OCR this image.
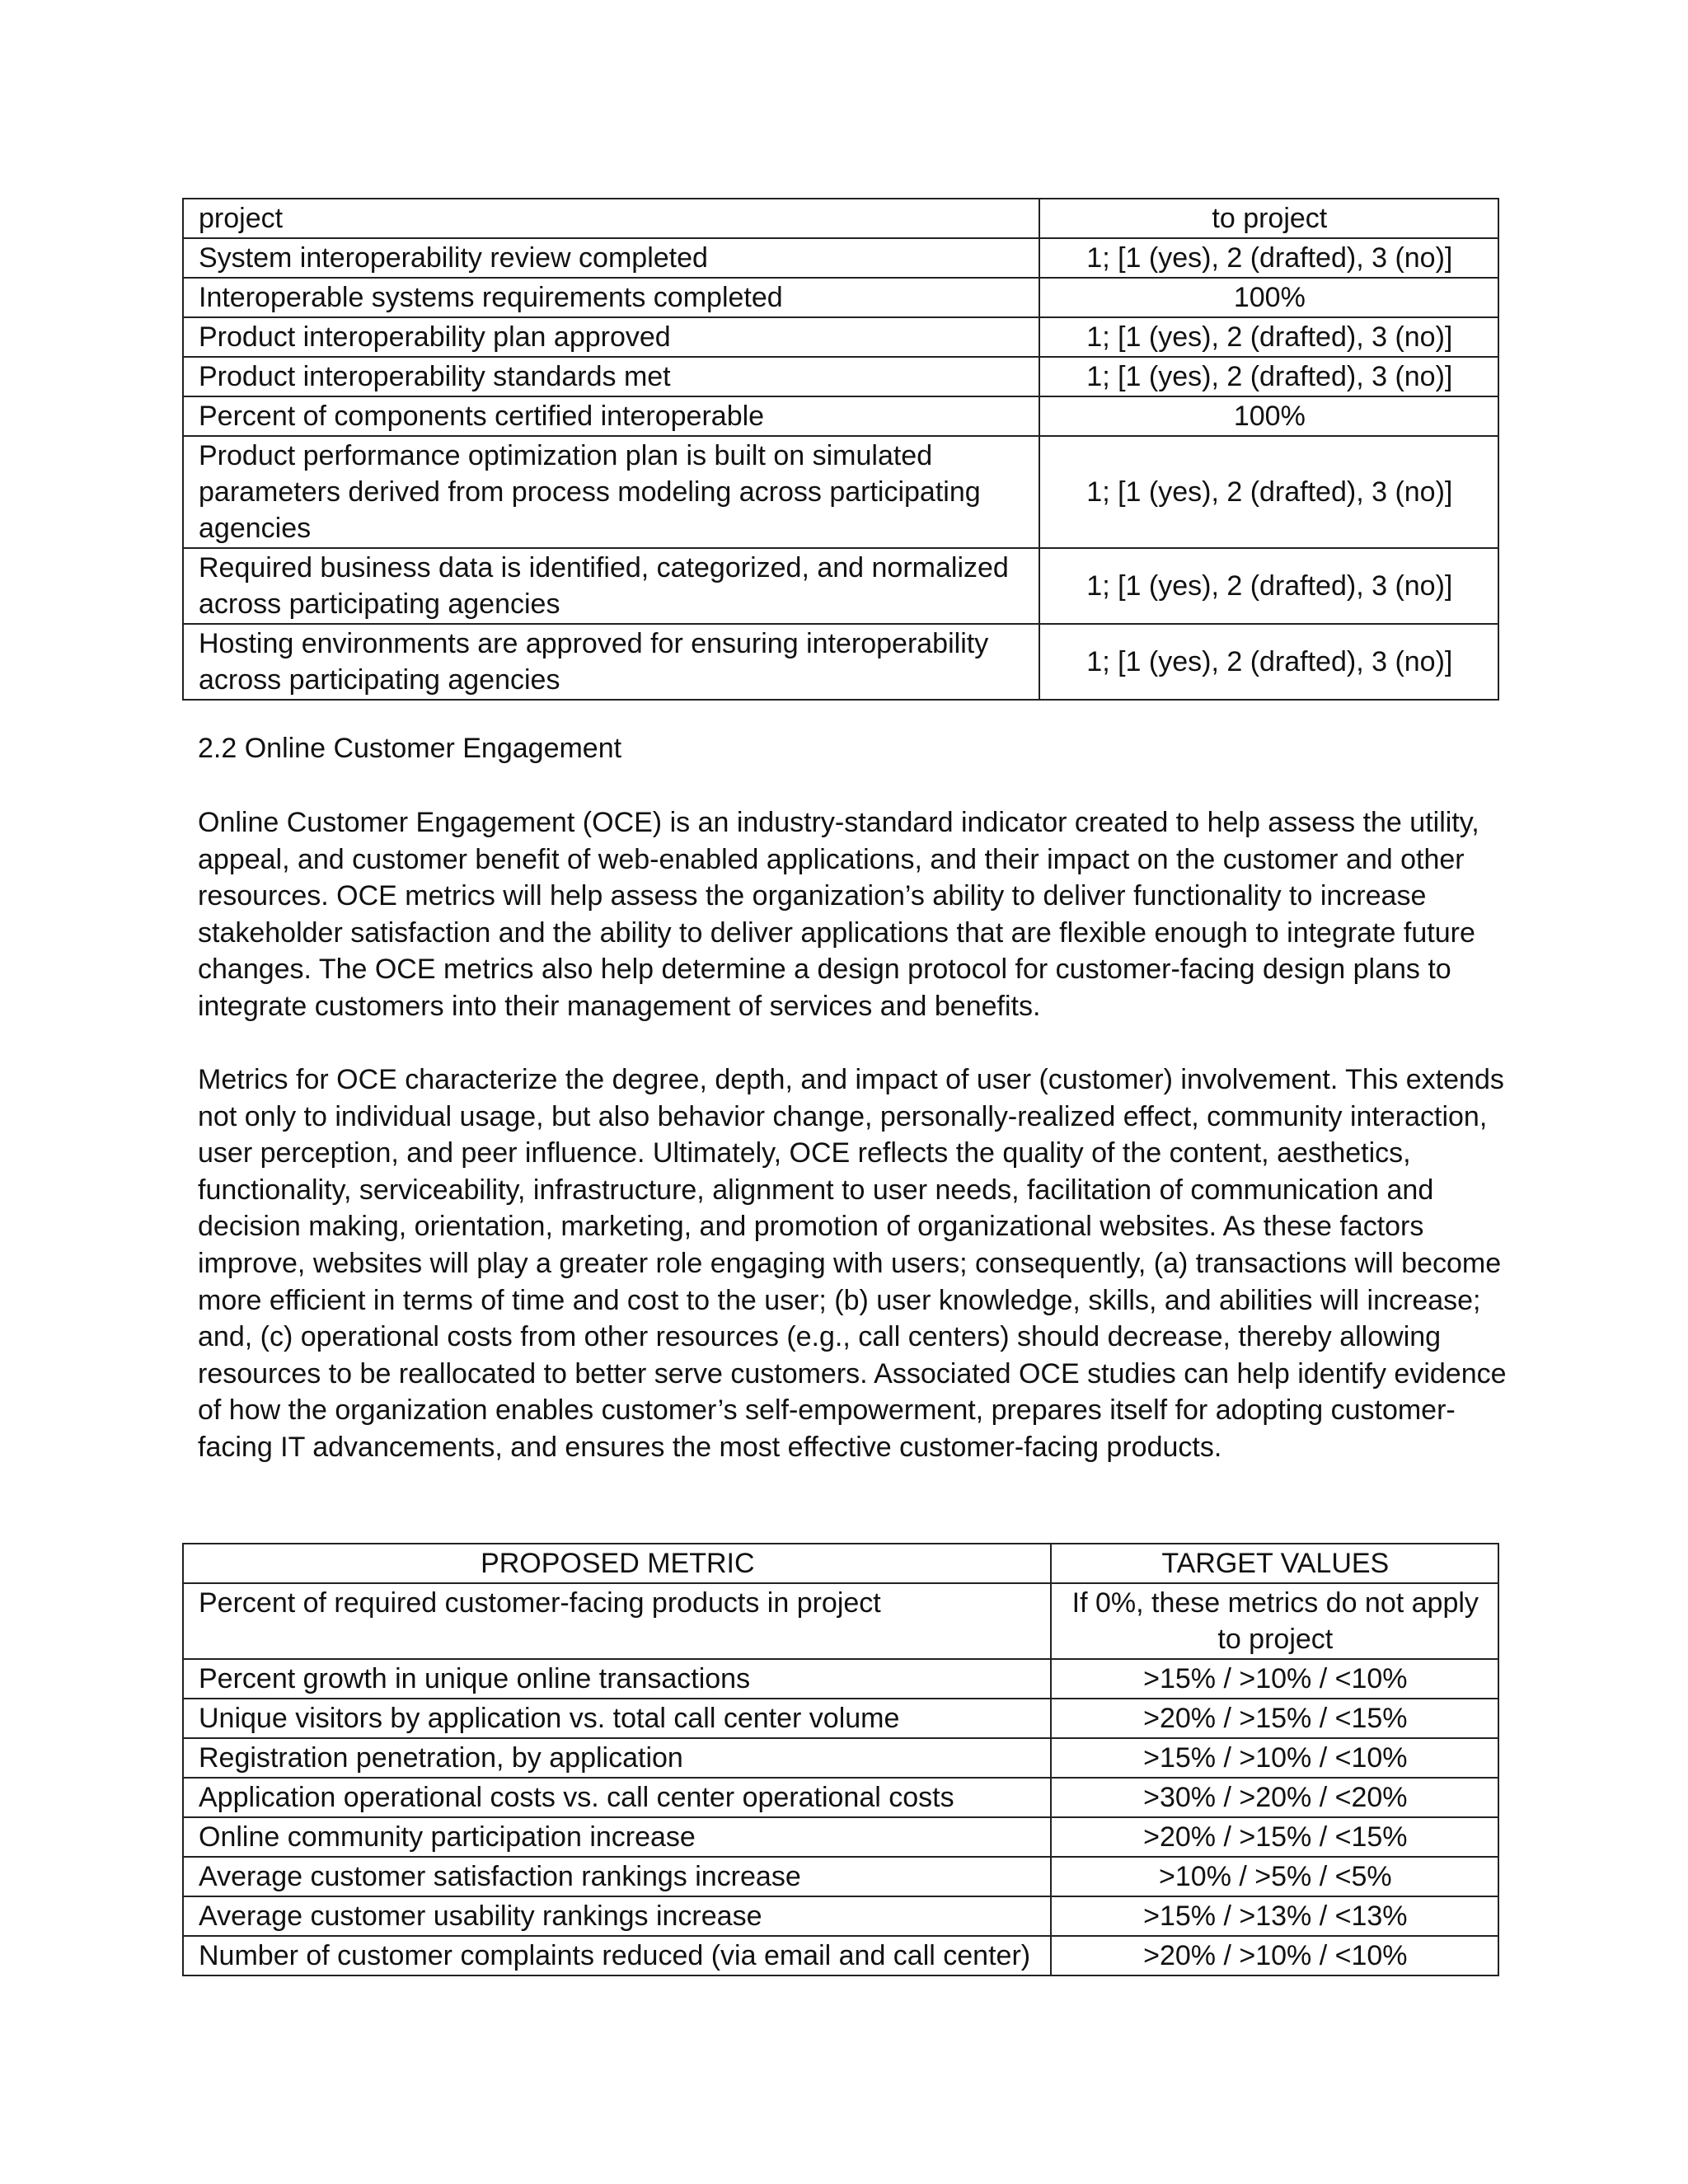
project	to project
System interoperability review completed	1; [1 (yes), 2 (drafted), 3 (no)]
Interoperable systems requirements completed	100%
Product interoperability plan approved	1; [1 (yes), 2 (drafted), 3 (no)]
Product interoperability standards met	1; [1 (yes), 2 (drafted), 3 (no)]
Percent of components certified interoperable	100%
Product performance optimization plan is built on simulated parameters derived from process modeling across participating agencies	1; [1 (yes), 2 (drafted), 3 (no)]
Required business data is identified, categorized, and normalized across participating agencies	1; [1 (yes), 2 (drafted), 3 (no)]
Hosting environments are approved for ensuring interoperability across participating agencies	1; [1 (yes), 2 (drafted), 3 (no)]
2.2 Online Customer Engagement

Online Customer Engagement (OCE) is an industry-standard indicator created to help assess the utility, appeal, and customer benefit of web-enabled applications, and their impact on the customer and other resources. OCE metrics will help assess the organization’s ability to deliver functionality to increase stakeholder satisfaction and the ability to deliver applications that are flexible enough to integrate future changes. The OCE metrics also help determine a design protocol for customer-facing design plans to integrate customers into their management of services and benefits.

Metrics for OCE characterize the degree, depth, and impact of user (customer) involvement. This extends not only to individual usage, but also behavior change, personally-realized effect, community interaction, user perception, and peer influence. Ultimately, OCE reflects the quality of the content, aesthetics, functionality, serviceability, infrastructure, alignment to user needs, facilitation of communication and decision making, orientation, marketing, and promotion of organizational websites. As these factors improve, websites will play a greater role engaging with users; consequently, (a) transactions will become more efficient in terms of time and cost to the user; (b) user knowledge, skills, and abilities will increase; and, (c) operational costs from other resources (e.g., call centers) should decrease, thereby allowing resources to be reallocated to better serve customers. Associated OCE studies can help identify evidence of how the organization enables customer’s self-empowerment, prepares itself for adopting customer-facing IT advancements, and ensures the most effective customer-facing products.

PROPOSED METRIC	TARGET VALUES
Percent of required customer-facing products in project	If 0%, these metrics do not apply to project
Percent growth in unique online transactions	>15% / >10% / <10%
Unique visitors by application vs. total call center volume	>20% / >15% / <15%
Registration penetration, by application	>15% / >10% / <10%
Application operational costs vs. call center operational costs	>30% / >20% / <20%
Online community participation increase	>20% / >15% / <15%
Average customer satisfaction rankings increase	>10% / >5% / <5%
Average customer usability rankings increase	>15% / >13% / <13%
Number of customer complaints reduced (via email and call center)	>20% / >10% / <10%
